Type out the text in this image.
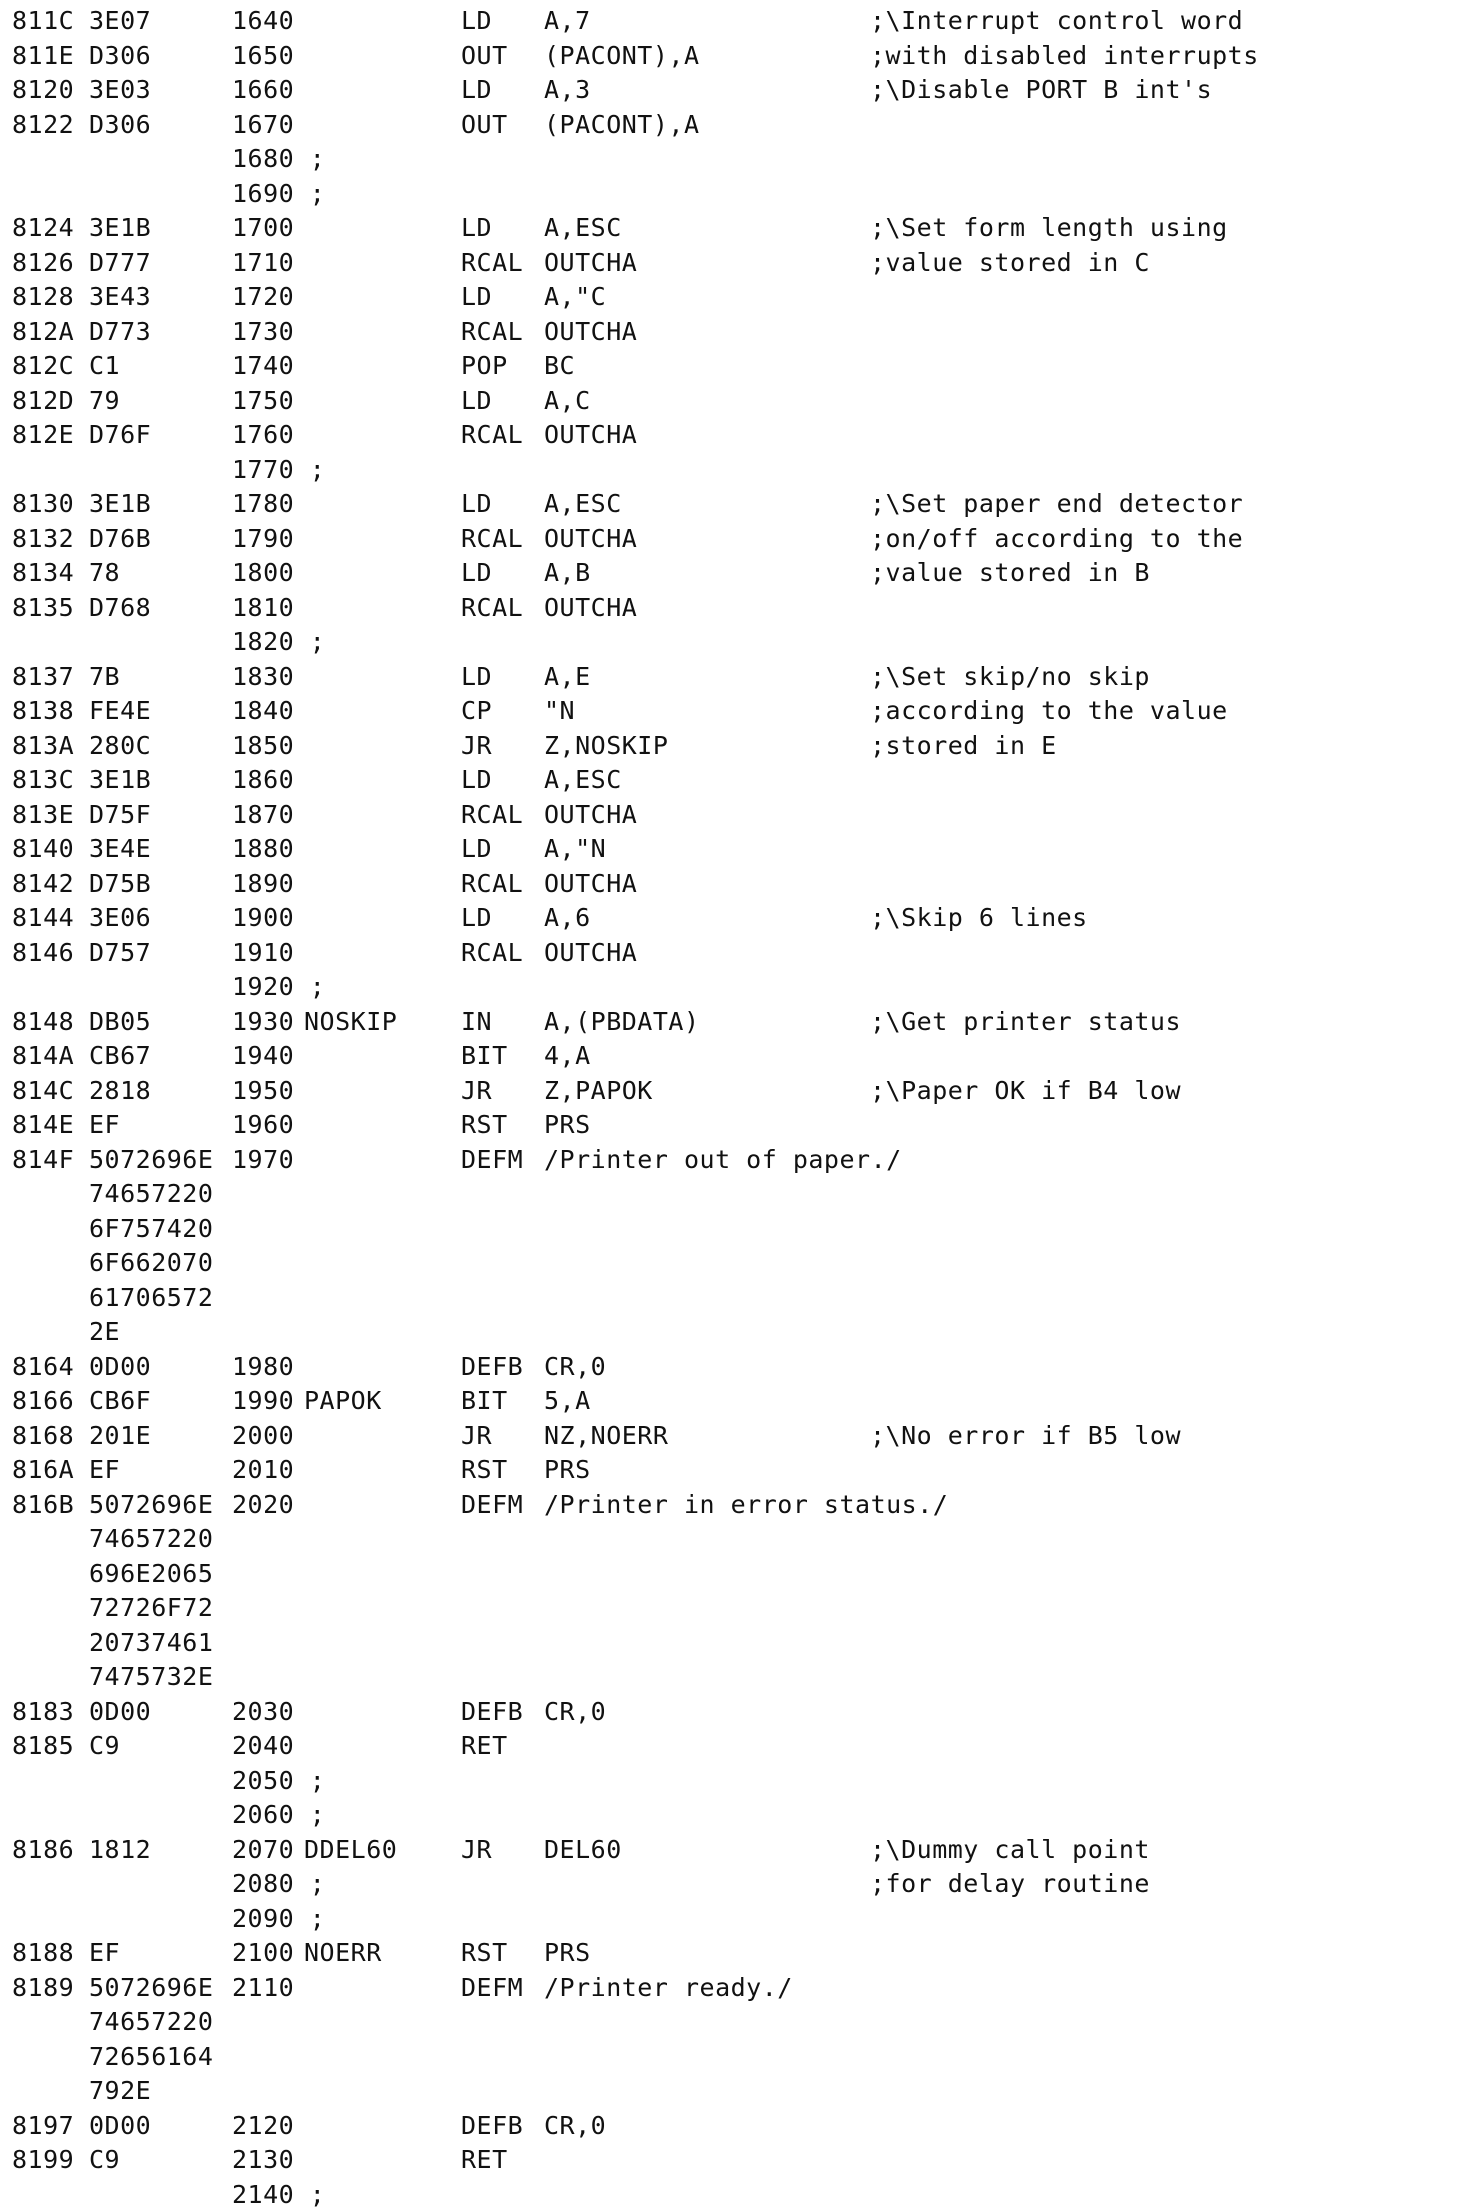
811C 3E07	1640	LD A,7	;\Interrupt control word
811E D306	1650	OUT (PACONT),A	;with disabled interrupts
8120 3E03	1660	LD A,3	;\Disable PORT B int's
8122 D306	1670	OUT (PACONT),A
1680 ;
1690 ;
8124 3E1B	1700	LD A,ESC	;\Set form length using
8126 D777	1710	RCAL OUTCHA	;value stored in C
8128 3E43	1720	LD A,"C
812A D773	1730	RCAL OUTCHA
812C C1	1740	POP BC
812D 79	1750	LD A,C
812E D76F	1760	RCAL OUTCHA
1770 ;
8130 3E1B	1780	LD A,ESC	;\Set paper end detector
8132 D76B	1790	RCAL OUTCHA	;on/off according to the
8134 78	1800	LD A,B	;value stored in B
8135 D768	1810	RCAL OUTCHA
1820 ;
8137 7B	1830	LD A,E	;\Set skip/no skip
8138 FE4E	1840	CP "N	;according to the value
813A 280C	1850	JR Z,NOSKIP	;stored in E
813C 3E1B	1860	LD A,ESC
813E D75F	1870	RCAL OUTCHA
8140 3E4E	1880	LD A,"N
8142 D75B	1890	RCAL OUTCHA
8144 3E06	1900	LD A,6	;\Skip 6 lines
8146 D757	1910	RCAL OUTCHA
1920 ;
8148 DB05	1930 NOSKIP	IN A,(PBDATA)	;\Get printer status
814A CB67	1940	BIT 4,A
814C 2818	1950	JR Z,PAPOK	;\Paper OK if B4 low
814E EF	1960	RST PRS
814F 5072696E 1970	DEFM /Printer out of paper./
74657220
6F757420
6F662070
61706572
2E
8164 0D00	1980	DEFB CR,0
8166 CB6F	1990 PAPOK	BIT 5,A
8168 201E	2000	JR NZ,NOERR	;\No error if B5 low
816A EF	2010	RST PRS
816B 5072696E 2020	DEFM /Printer in error status./
74657220
696E2065
72726F72
20737461
7475732E
8183 0D00	2030	DEFB CR,0
8185 C9	2040	RET
2050 ;
2060 ;
8186 1812	2070 DDEL60	JR DEL60	;\Dummy call point
2080 ;	;for delay routine
2090 ;
8188 EF	2100 NOERR	RST PRS
8189 5072696E 2110	DEFM /Printer ready./
74657220
72656164
792E
8197 0D00	2120	DEFB CR,0
8199 C9	2130	RET
2140 ;
